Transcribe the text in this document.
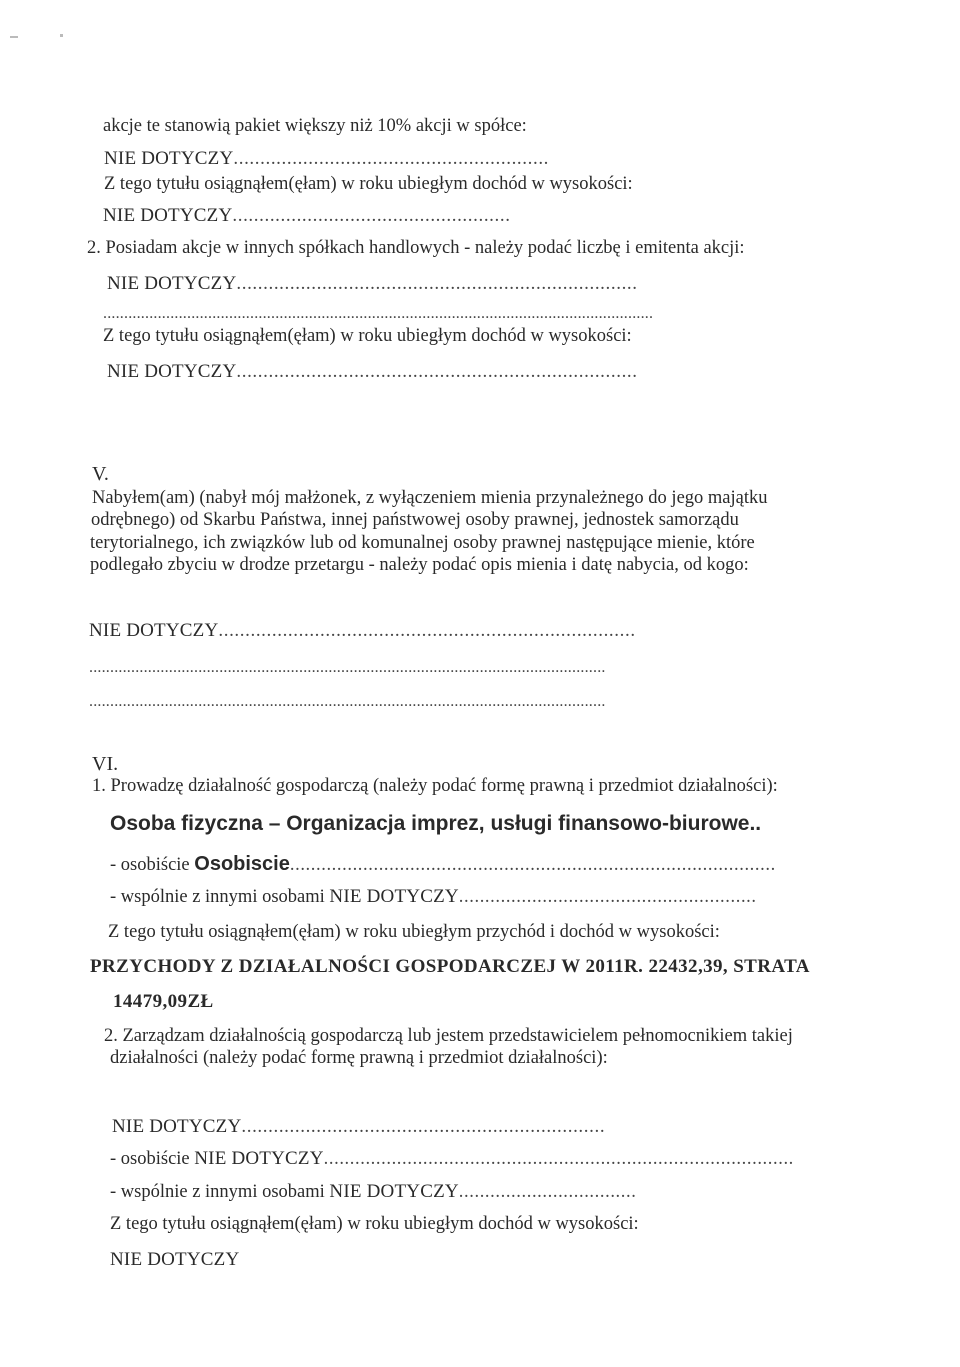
akcje te stanowią pakiet większy niż 10% akcji w spółce:
NIE DOTYCZY...........................................................
Z tego tytułu osiągnąłem(ęłam) w roku ubiegłym dochód w wysokości:
NIE DOTYCZY....................................................
2. Posiadam akcje w innych spółkach handlowych - należy podać liczbę i emitenta akcji:
NIE DOTYCZY...........................................................................
...................................................................................................................................
Z tego tytułu osiągnąłem(ęłam) w roku ubiegłym dochód w wysokości:
NIE DOTYCZY...........................................................................
V.
Nabyłem(am) (nabył mój małżonek, z wyłączeniem mienia przynależnego do jego majątku
odrębnego) od Skarbu Państwa, innej państwowej osoby prawnej, jednostek samorządu
terytorialnego, ich związków lub od komunalnej osoby prawnej następujące mienie, które
podlegało zbyciu w drodze przetargu - należy podać opis mienia i datę nabycia, od kogo:
NIE DOTYCZY..............................................................................
...........................................................................................................................
...........................................................................................................................
VI.
1. Prowadzę działalność gospodarczą (należy podać formę prawną i przedmiot działalności):
Osoba fizyczna – Organizacja imprez, usługi finansowo-biurowe..
- osobiście Osobiscie.............................................................................................
- wspólnie z innymi osobami NIE DOTYCZY.........................................................
Z tego tytułu osiągnąłem(ęłam) w roku ubiegłym przychód i dochód w wysokości:
PRZYCHODY Z DZIAŁALNOŚCI GOSPODARCZEJ W 2011R. 22432,39, STRATA
14479,09ZŁ
2. Zarządzam działalnością gospodarczą lub jestem przedstawicielem pełnomocnikiem takiej
działalności (należy podać formę prawną i przedmiot działalności):
NIE DOTYCZY....................................................................
- osobiście NIE DOTYCZY..........................................................................................
- wspólnie z innymi osobami NIE DOTYCZY..................................
Z tego tytułu osiągnąłem(ęłam) w roku ubiegłym dochód w wysokości:
NIE DOTYCZY
